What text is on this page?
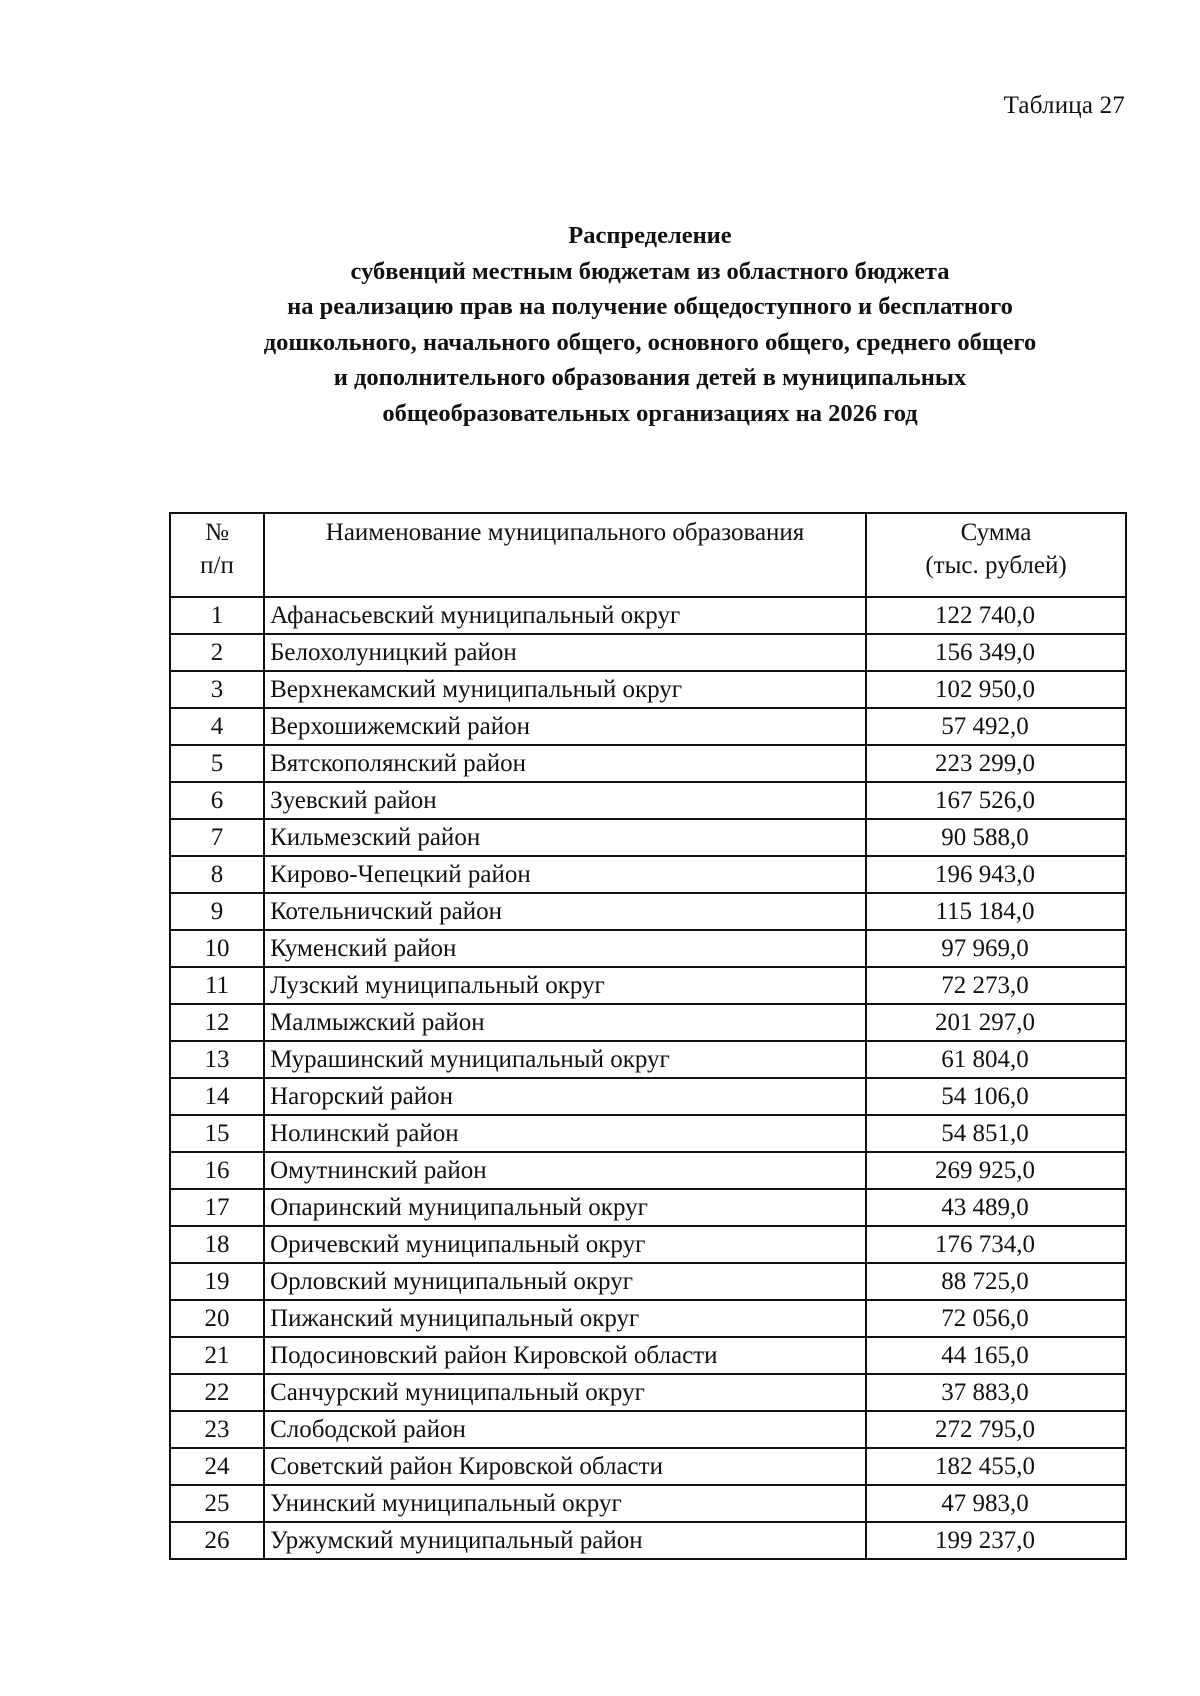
Таблица 27
Распределение
субвенций местным бюджетам из областного бюджета
на реализацию прав на получение общедоступного и бесплатного
дошкольного, начального общего, основного общего, среднего общего
и дополнительного образования детей в муниципальных
общеобразовательных организациях на 2026 год
№
п/п	Наименование муниципального образования	Сумма
(тыс. рублей)

1	Афанасьевский муниципальный округ	122 740,0
2	Белохолуницкий район	156 349,0
3	Верхнекамский муниципальный округ	102 950,0
4	Верхошижемский район	57 492,0
5	Вятскополянский район	223 299,0
6	Зуевский район	167 526,0
7	Кильмезский район	90 588,0
8	Кирово-Чепецкий район	196 943,0
9	Котельничский район	115 184,0
10	Куменский район	97 969,0
11	Лузский муниципальный округ	72 273,0
12	Малмыжский район	201 297,0
13	Мурашинский муниципальный округ	61 804,0
14	Нагорский район	54 106,0
15	Нолинский район	54 851,0
16	Омутнинский район	269 925,0
17	Опаринский муниципальный округ	43 489,0
18	Оричевский муниципальный округ	176 734,0
19	Орловский муниципальный округ	88 725,0
20	Пижанский муниципальный округ	72 056,0
21	Подосиновский район Кировской области	44 165,0
22	Санчурский муниципальный округ	37 883,0
23	Слободской район	272 795,0
24	Советский район Кировской области	182 455,0
25	Унинский муниципальный округ	47 983,0
26	Уржумский муниципальный район	199 237,0
